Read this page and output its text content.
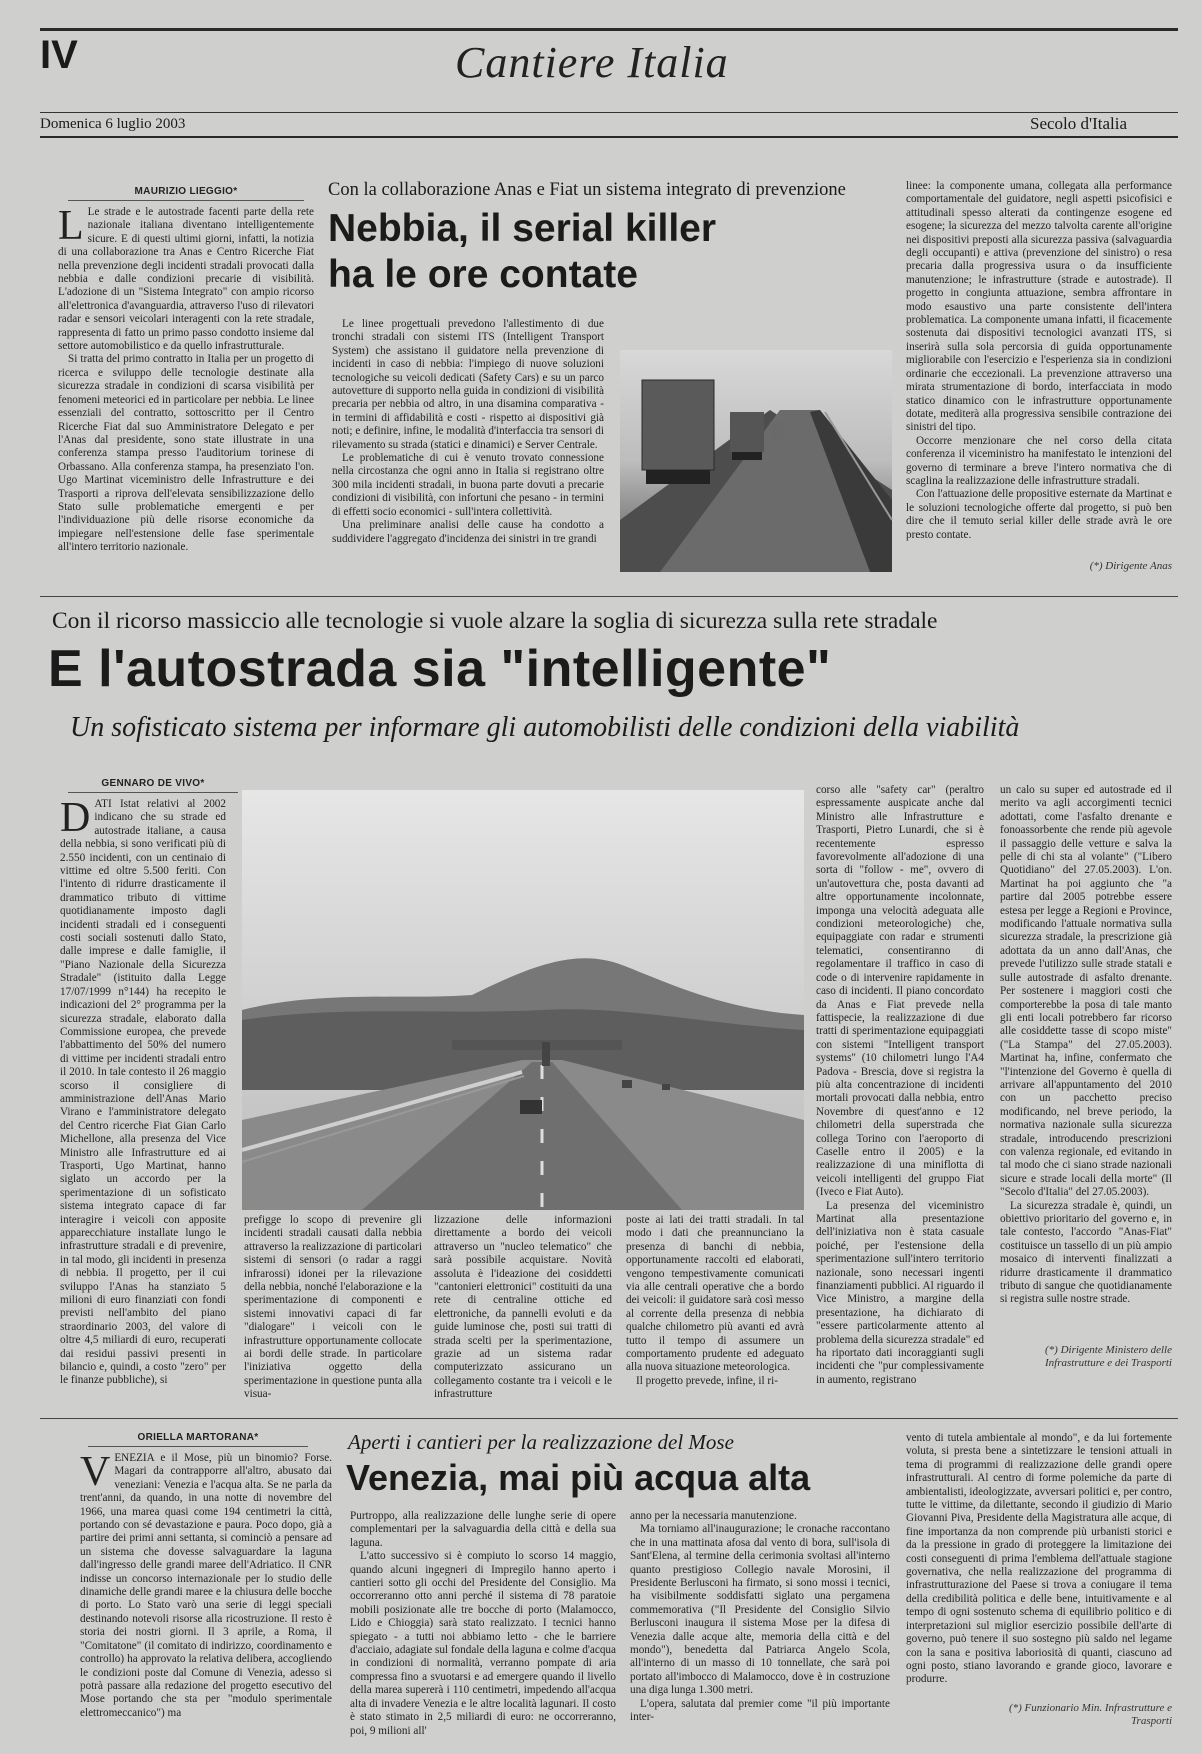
IV	Cantiere Italia
Domenica 6 luglio 2003	Secolo d'Italia
MAURIZIO LIEGGIO*

L Le strade e le autostrade facenti parte della rete nazionale italiana diventano intelligentemente sicure. E di questi ultimi giorni, infatti, la notizia di una collaborazione tra Anas e Centro Ricerche Fiat nella prevenzione degli incidenti stradali provocati dalla nebbia e dalle condizioni precarie di visibilità. L'adozione di un "Sistema Integrato" con ampio ricorso all'elettronica d'avanguardia, attraverso l'uso di rilevatori radar e sensori veicolari interagenti con la rete stradale, rappresenta di fatto un primo passo condotto insieme dal settore automobilistico e da quello infrastrutturale.

Si tratta del primo contratto in Italia per un progetto di ricerca e sviluppo delle tecnologie destinate alla sicurezza stradale in condizioni di scarsa visibilità per fenomeni meteorici ed in particolare per nebbia. Le linee essenziali del contratto, sottoscritto per il Centro Ricerche Fiat dal suo Amministratore Delegato e per l'Anas dal presidente, sono state illustrate in una conferenza stampa presso l'auditorium torinese di Orbassano. Alla conferenza stampa, ha presenziato l'on. Ugo Martinat viceministro delle Infrastrutture e dei Trasporti a riprova dell'elevata sensibilizzazione dello Stato sulle problematiche emergenti e per l'individuazione più delle risorse economiche da impiegare nell'estensione delle fase sperimentale all'intero territorio nazionale.

Con la collaborazione Anas e Fiat un sistema integrato di prevenzione
Nebbia, il serial killer
ha le ore contate

Le linee progettuali prevedono l'allestimento di due tronchi stradali con sistemi ITS (Intelligent Transport System) che assistano il guidatore nella prevenzione di incidenti in caso di nebbia: l'impiego di nuove soluzioni tecnologiche su veicoli dedicati (Safety Cars) e su un parco autovetture di supporto nella guida in condizioni di visibilità precaria per nebbia od altro, in una disamina comparativa - in termini di affidabilità e costi - rispetto ai dispositivi già noti; e definire, infine, le modalità d'interfaccia tra sensori di rilevamento su strada (statici e dinamici) e Server Centrale.

Le problematiche di cui è venuto trovato connessione nella circostanza che ogni anno in Italia si registrano oltre 300 mila incidenti stradali, in buona parte dovuti a precarie condizioni di visibilità, con infortuni che pesano - in termini di effetti socio economici - sull'intera collettività.

Una preliminare analisi delle cause ha condotto a suddividere l'aggregato d'incidenza dei sinistri in tre grandi

linee: la componente umana, collegata alla performance comportamentale del guidatore, negli aspetti psicofisici e attitudinali spesso alterati da contingenze esogene ed esogene; la sicurezza del mezzo talvolta carente all'origine nei dispositivi preposti alla sicurezza passiva (salvaguardia degli occupanti) e attiva (prevenzione del sinistro) o resa precaria dalla progressiva usura o da insufficiente manutenzione; le infrastrutture (strade e autostrade). Il progetto in congiunta attuazione, sembra affrontare in modo esaustivo una parte consistente dell'intera problematica. La componente umana infatti, il ficacemente sostenuta dai dispositivi tecnologici avanzati ITS, si inserirà sulla sola percorsia di guida opportunamente migliorabile con l'esercizio e l'esperienza sia in condizioni ordinarie che eccezionali. La prevenzione attraverso una mirata strumentazione di bordo, interfacciata in modo statico dinamico con le infrastrutture opportunamente dotate, mediterà alla progressiva sensibile contrazione dei sinistri del tipo.

Occorre menzionare che nel corso della citata conferenza il viceministro ha manifestato le intenzioni del governo di terminare a breve l'intero normativa che di scaglina la realizzazione delle infrastrutture stradali.

Con l'attuazione delle propositive esternate da Martinat e le soluzioni tecnologiche offerte dal progetto, si può ben dire che il temuto serial killer delle strade avrà le ore presto contate.

(*) Dirigente Anas
Con il ricorso massiccio alle tecnologie si vuole alzare la soglia di sicurezza sulla rete stradale
E l'autostrada sia "intelligente"
Un sofisticato sistema per informare gli automobilisti delle condizioni della viabilità
GENNARO DE VIVO*

DATI Istat relativi al 2002 indicano che su strade ed autostrade italiane, a causa della nebbia, si sono verificati più di 2.550 incidenti, con un centinaio di vittime ed oltre 5.500 feriti. Con l'intento di ridurre drasticamente il drammatico tributo di vittime quotidianamente imposto dagli incidenti stradali ed i conseguenti costi sociali sostenuti dallo Stato, dalle imprese e dalle famiglie, il "Piano Nazionale della Sicurezza Stradale" (istituito dalla Legge 17/07/1999 n°144) ha recepito le indicazioni del 2° programma per la sicurezza stradale, elaborato dalla Commissione europea, che prevede l'abbattimento del 50% del numero di vittime per incidenti stradali entro il 2010. In tale contesto il 26 maggio scorso il consigliere di amministrazione dell'Anas Mario Virano e l'amministratore delegato del Centro ricerche Fiat Gian Carlo Michellone, alla presenza del Vice Ministro alle Infrastrutture ed ai Trasporti, Ugo Martinat, hanno siglato un accordo per la sperimentazione di un sofisticato sistema integrato capace di far interagire i veicoli con apposite apparecchiature installate lungo le infrastrutture stradali e di prevenire, in tal modo, gli incidenti in presenza di nebbia. Il progetto, per il cui sviluppo l'Anas ha stanziato 5 milioni di euro finanziati con fondi previsti nell'ambito del piano straordinario 2003, del valore di oltre 4,5 miliardi di euro, recuperati dai residui passivi presenti in bilancio e, quindi, a costo "zero" per le finanze pubbliche), si

prefigge lo scopo di prevenire gli incidenti stradali causati dalla nebbia attraverso la realizzazione di particolari sistemi di sensori (o radar a raggi infrarossi) idonei per la rilevazione della nebbia, nonché l'elaborazione e la sperimentazione di componenti e sistemi innovativi capaci di far "dialogare" i veicoli con le infrastrutture opportunamente collocate ai bordi delle strade. In particolare l'iniziativa oggetto della sperimentazione in questione punta alla visua-

lizzazione delle informazioni direttamente a bordo dei veicoli attraverso un "nucleo telematico" che sarà possibile acquistare. Novità assoluta è l'ideazione dei cosiddetti "cantonieri elettronici" costituiti da una rete di centraline ottiche ed elettroniche, da pannelli evoluti e da guide luminose che, posti sui tratti di strada scelti per la sperimentazione, grazie ad un sistema radar computerizzato assicurano un collegamento costante tra i veicoli e le infrastrutture

poste ai lati dei tratti stradali. In tal modo i dati che preannunciano la presenza di banchi di nebbia, opportunamente raccolti ed elaborati, vengono tempestivamente comunicati via alle centrali operative che a bordo dei veicoli: il guidatore sarà così messo al corrente della presenza di nebbia qualche chilometro più avanti ed avrà tutto il tempo di assumere un comportamento prudente ed adeguato alla nuova situazione meteorologica.

Il progetto prevede, infine, il ri-

corso alle "safety car" (peraltro espressamente auspicate anche dal Ministro alle Infrastrutture e Trasporti, Pietro Lunardi, che si è recentemente espresso favorevolmente all'adozione di una sorta di "follow - me", ovvero di un'autovettura che, posta davanti ad altre opportunamente incolonnate, imponga una velocità adeguata alle condizioni meteorologiche) che, equipaggiate con radar e strumenti telematici, consentiranno di regolamentare il traffico in caso di code o di intervenire rapidamente in caso di incidenti. Il piano concordato da Anas e Fiat prevede nella fattispecie, la realizzazione di due tratti di sperimentazione equipaggiati con sistemi "Intelligent transport systems" (10 chilometri lungo l'A4 Padova - Brescia, dove si registra la più alta concentrazione di incidenti mortali provocati dalla nebbia, entro Novembre di quest'anno e 12 chilometri della superstrada che collega Torino con l'aeroporto di Caselle entro il 2005) e la realizzazione di una miniflotta di veicoli intelligenti del gruppo Fiat (Iveco e Fiat Auto).

La presenza del viceministro Martinat alla presentazione dell'iniziativa non è stata casuale poiché, per l'estensione della sperimentazione sull'intero territorio nazionale, sono necessari ingenti finanziamenti pubblici. Al riguardo il Vice Ministro, a margine della presentazione, ha dichiarato di "essere particolarmente attento al problema della sicurezza stradale" ed ha riportato dati incoraggianti sugli incidenti che "pur complessivamente in aumento, registrano

un calo su super ed autostrade ed il merito va agli accorgimenti tecnici adottati, come l'asfalto drenante e fonoassorbente che rende più agevole il passaggio delle vetture e salva la pelle di chi sta al volante" ("Libero Quotidiano" del 27.05.2003). L'on. Martinat ha poi aggiunto che "a partire dal 2005 potrebbe essere estesa per legge a Regioni e Province, modificando l'attuale normativa sulla sicurezza stradale, la prescrizione già adottata da un anno dall'Anas, che prevede l'utilizzo sulle strade statali e sulle autostrade di asfalto drenante. Per sostenere i maggiori costi che comporterebbe la posa di tale manto gli enti locali potrebbero far ricorso alle cosiddette tasse di scopo miste" ("La Stampa" del 27.05.2003). Martinat ha, infine, confermato che "l'intenzione del Governo è quella di arrivare all'appuntamento del 2010 con un pacchetto preciso modificando, nel breve periodo, la normativa nazionale sulla sicurezza stradale, introducendo prescrizioni con valenza regionale, ed evitando in tal modo che ci siano strade nazionali sicure e strade locali della morte" (Il "Secolo d'Italia" del 27.05.2003).

La sicurezza stradale è, quindi, un obiettivo prioritario del governo e, in tale contesto, l'accordo "Anas-Fiat" costituisce un tassello di un più ampio mosaico di interventi finalizzati a ridurre drasticamente il drammatico tributo di sangue che quotidianamente si registra sulle nostre strade.

(*) Dirigente Ministero delle Infrastrutture e dei Trasporti
ORIELLA MARTORANA*

VENEZIA e il Mose, più un binomio? Forse. Magari da contrapporre all'altro, abusato dai veneziani: Venezia e l'acqua alta. Se ne parla da trent'anni, da quando, in una notte di novembre del 1966, una marea quasi come 194 centimetri la città, portando con sé devastazione e paura. Poco dopo, già a partire dei primi anni settanta, si cominciò a pensare ad un sistema che dovesse salvaguardare la laguna dall'ingresso delle grandi maree dell'Adriatico. Il CNR indisse un concorso internazionale per lo studio delle dinamiche delle grandi maree e la chiusura delle bocche di porto. Lo Stato varò una serie di leggi speciali destinando notevoli risorse alla ricostruzione. Il resto è storia dei nostri giorni. Il 3 aprile, a Roma, il "Comitatone" (il comitato di indirizzo, coordinamento e controllo) ha approvato la relativa delibera, accogliendo le condizioni poste dal Comune di Venezia, adesso si potrà passare alla redazione del progetto esecutivo del Mose portando che sta per "modulo sperimentale elettromeccanico") ma

Aperti i cantieri per la realizzazione del Mose
Venezia, mai più acqua alta

Purtroppo, alla realizzazione delle lunghe serie di opere complementari per la salvaguardia della città e della sua laguna.

L'atto successivo si è compiuto lo scorso 14 maggio, quando alcuni ingegneri di Impregilo hanno aperto i cantieri sotto gli occhi del Presidente del Consiglio. Ma occorreranno otto anni perché il sistema di 78 paratoie mobili posizionate alle tre bocche di porto (Malamocco, Lido e Chioggia) sarà stato realizzato. I tecnici hanno spiegato - a tutti noi abbiamo letto - che le barriere d'acciaio, adagiate sul fondale della laguna e colme d'acqua in condizioni di normalità, verranno pompate di aria compressa fino a svuotarsi e ad emergere quando il livello della marea supererà i 110 centimetri, impedendo all'acqua alta di invadere Venezia e le altre località lagunari. Il costo è stato stimato in 2,5 miliardi di euro: ne occorreranno, poi, 9 milioni all'

anno per la necessaria manutenzione.

Ma torniamo all'inaugurazione; le cronache raccontano che in una mattinata afosa dal vento di bora, sull'isola di Sant'Elena, al termine della cerimonia svoltasi all'interno quanto prestigioso Collegio navale Morosini, il Presidente Berlusconi ha firmato, si sono mossi i tecnici, ha visibilmente soddisfatti siglato una pergamena commemorativa ("Il Presidente del Consiglio Silvio Berlusconi inaugura il sistema Mose per la difesa di Venezia dalle acque alte, memoria della città e del mondo"), benedetta dal Patriarca Angelo Scola, all'interno di un masso di 10 tonnellate, che sarà poi portato all'imbocco di Malamocco, dove è in costruzione una diga lunga 1.300 metri.

L'opera, salutata dal premier come "il più importante inter-

vento di tutela ambientale al mondo", e da lui fortemente voluta, si presta bene a sintetizzare le tensioni attuali in tema di programmi di realizzazione delle grandi opere infrastrutturali. Al centro di forme polemiche da parte di ambientalisti, ideologizzate, avversari politici e, per contro, tutte le vittime, da dilettante, secondo il giudizio di Mario Giovanni Piva, Presidente della Magistratura alle acque, di fine importanza da non comprende più urbanisti storici e da la pressione in grado di proteggere la limitazione dei costi conseguenti di prima l'emblema dell'attuale stagione governativa, che nella realizzazione del programma di infrastrutturazione del Paese si trova a coniugare il tema della credibilità politica e delle bene, intuitivamente e al tempo di ogni sostenuto schema di equilibrio politico e di interpretazioni sul miglior esercizio possibile dell'arte di governo, può tenere il suo sostegno più saldo nel legame con la sana e positiva laboriosità di quanti, ciascuno ad ogni posto, stiano lavorando e grande gioco, lavorare e produrre.

(*) Funzionario Min. Infrastrutture e Trasporti
